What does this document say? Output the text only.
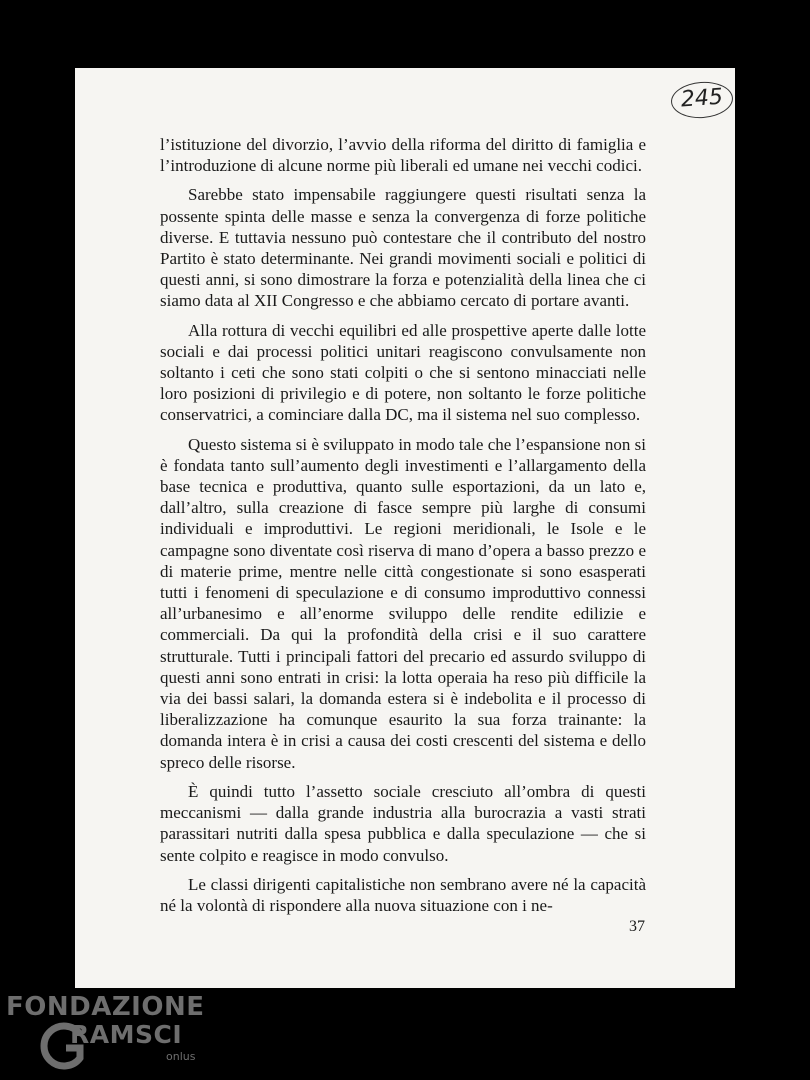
245

l’istituzione del divorzio, l’avvio della riforma del diritto di famiglia e l’introduzione di alcune norme più liberali ed umane nei vecchi codici.

Sarebbe stato impensabile raggiungere questi risultati senza la possente spinta delle masse e senza la convergenza di forze politiche diverse. E tuttavia nessuno può contestare che il contributo del nostro Partito è stato determinante. Nei grandi movimenti sociali e politici di questi anni, si sono dimostrare la forza e potenzialità della linea che ci siamo data al XII Congresso e che abbiamo cercato di portare avanti.

Alla rottura di vecchi equilibri ed alle prospettive aperte dalle lotte sociali e dai processi politici unitari reagiscono convulsamente non soltanto i ceti che sono stati colpiti o che si sentono minacciati nelle loro posizioni di privilegio e di potere, non soltanto le forze politiche conservatrici, a cominciare dalla DC, ma il sistema nel suo complesso.

Questo sistema si è sviluppato in modo tale che l’espansione non si è fondata tanto sull’aumento degli investimenti e l’allargamento della base tecnica e produttiva, quanto sulle esportazioni, da un lato e, dall’altro, sulla creazione di fasce sempre più larghe di consumi individuali e improduttivi. Le regioni meridionali, le Isole e le campagne sono diventate così riserva di mano d’opera a basso prezzo e di materie prime, mentre nelle città congestionate si sono esasperati tutti i fenomeni di speculazione e di consumo improduttivo connessi all’urbanesimo e all’enorme sviluppo delle rendite edilizie e commerciali. Da qui la profondità della crisi e il suo carattere strutturale. Tutti i principali fattori del precario ed assurdo sviluppo di questi anni sono entrati in crisi: la lotta operaia ha reso più difficile la via dei bassi salari, la domanda estera si è indebolita e il processo di liberalizzazione ha comunque esaurito la sua forza trainante: la domanda intera è in crisi a causa dei costi crescenti del sistema e dello spreco delle risorse.

È quindi tutto l’assetto sociale cresciuto all’ombra di questi meccanismi — dalla grande industria alla burocrazia a vasti strati parassitari nutriti dalla spesa pubblica e dalla speculazione — che si sente colpito e reagisce in modo convulso.

Le classi dirigenti capitalistiche non sembrano avere né la capacità né la volontà di rispondere alla nuova situazione con i ne-

37
FONDAZIONE
RAMSCI
onlus
